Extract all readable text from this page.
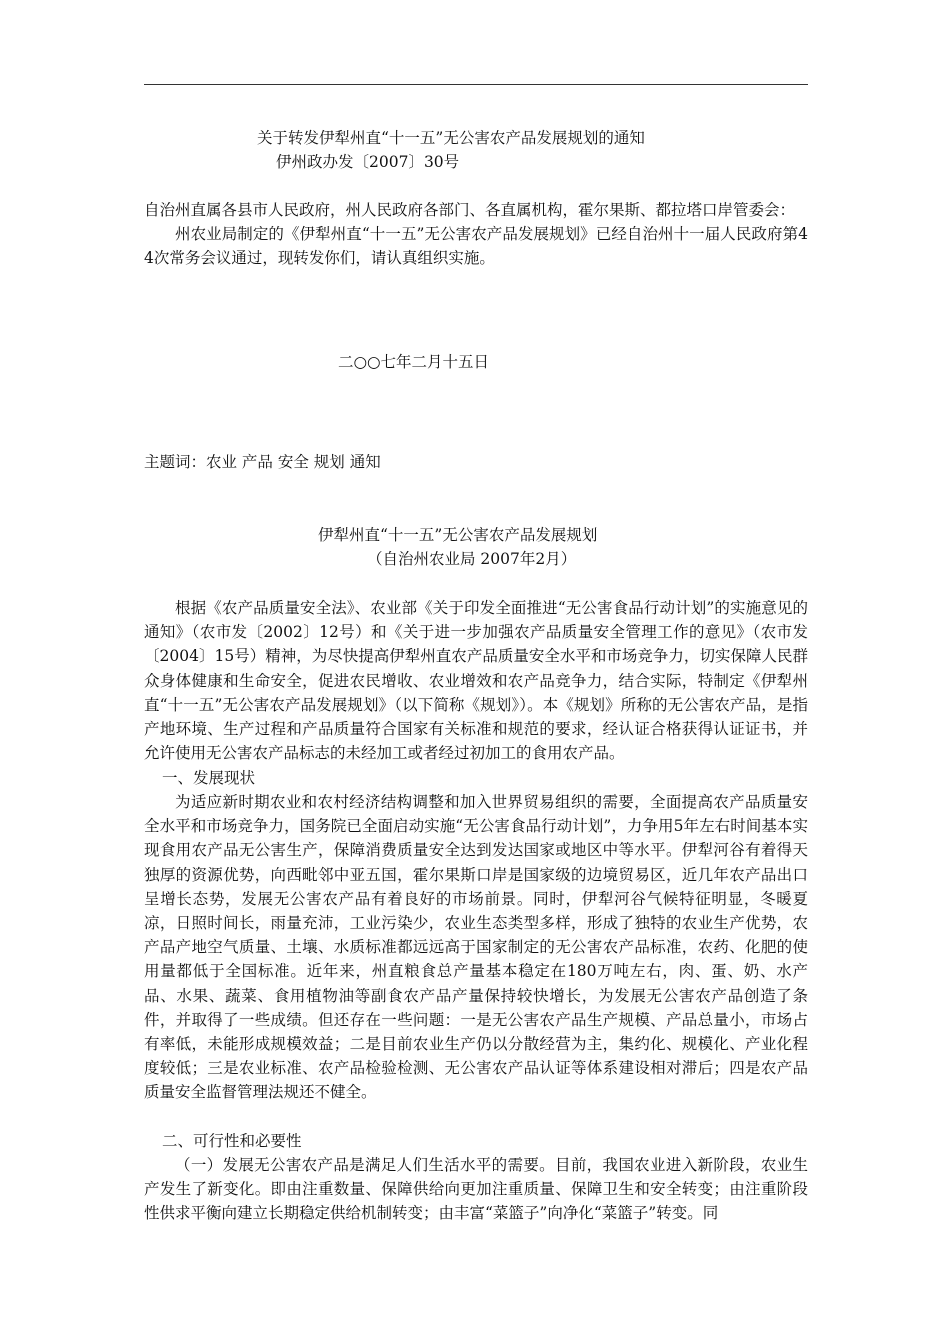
关于转发伊犁州直“十一五”无公害农产品发展规划的通知
伊州政办发〔2007〕30号
自治州直属各县市人民政府，州人民政府各部门、各直属机构，霍尔果斯、都拉塔口岸管委会：
州农业局制定的《伊犁州直“十一五”无公害农产品发展规划》已经自治州十一届人民政府第44次常务会议通过，现转发你们，请认真组织实施。
二○○七年二月十五日
主题词：农业 产品 安全 规划 通知
伊犁州直“十一五”无公害农产品发展规划
（自治州农业局 2007年2月）
根据《农产品质量安全法》、农业部《关于印发全面推进“无公害食品行动计划”的实施意见的通知》（农市发〔2002〕12号）和《关于进一步加强农产品质量安全管理工作的意见》（农市发〔2004〕15号）精神，为尽快提高伊犁州直农产品质量安全水平和市场竞争力，切实保障人民群众身体健康和生命安全，促进农民增收、农业增效和农产品竞争力，结合实际，特制定《伊犁州直“十一五”无公害农产品发展规划》（以下简称《规划》）。本《规划》所称的无公害农产品，是指产地环境、生产过程和产品质量符合国家有关标准和规范的要求，经认证合格获得认证证书，并允许使用无公害农产品标志的未经加工或者经过初加工的食用农产品。
一、发展现状
为适应新时期农业和农村经济结构调整和加入世界贸易组织的需要，全面提高农产品质量安全水平和市场竞争力，国务院已全面启动实施“无公害食品行动计划”，力争用5年左右时间基本实现食用农产品无公害生产，保障消费质量安全达到发达国家或地区中等水平。伊犁河谷有着得天独厚的资源优势，向西毗邻中亚五国，霍尔果斯口岸是国家级的边境贸易区，近几年农产品出口呈增长态势，发展无公害农产品有着良好的市场前景。同时，伊犁河谷气候特征明显，冬暖夏凉，日照时间长，雨量充沛，工业污染少，农业生态类型多样，形成了独特的农业生产优势，农产品产地空气质量、土壤、水质标准都远远高于国家制定的无公害农产品标准，农药、化肥的使用量都低于全国标准。近年来，州直粮食总产量基本稳定在180万吨左右，肉、蛋、奶、水产品、水果、蔬菜、食用植物油等副食农产品产量保持较快增长，为发展无公害农产品创造了条件，并取得了一些成绩。但还存在一些问题：一是无公害农产品生产规模、产品总量小，市场占有率低，未能形成规模效益；二是目前农业生产仍以分散经营为主，集约化、规模化、产业化程度较低；三是农业标准、农产品检验检测、无公害农产品认证等体系建设相对滞后；四是农产品质量安全监督管理法规还不健全。
二、可行性和必要性
（一）发展无公害农产品是满足人们生活水平的需要。目前，我国农业进入新阶段，农业生产发生了新变化。即由注重数量、保障供给向更加注重质量、保障卫生和安全转变；由注重阶段性供求平衡向建立长期稳定供给机制转变；由丰富“菜篮子”向净化“菜篮子”转变。同
